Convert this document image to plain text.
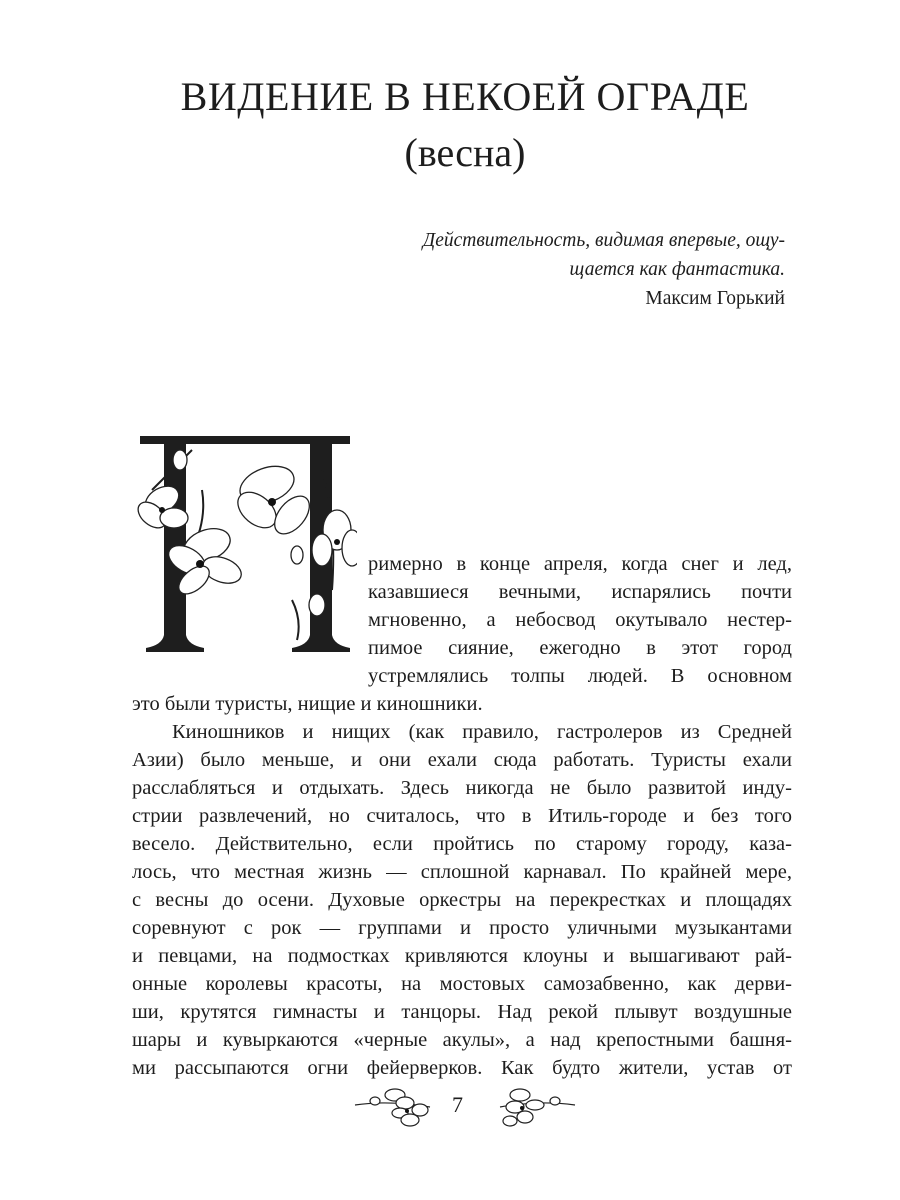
ВИДЕНИЕ В НЕКОЕЙ ОГРАДЕ
(весна)
Действительность, видимая впервые, ощу-
щается как фантастика.
Максим Горький
римерно в конце апреля, когда снег и лед,
казавшиеся вечными, испарялись почти
мгновенно, а небосвод окутывало нестер-
пимое сияние, ежегодно в этот город
устремлялись толпы людей. В основном
это были туристы, нищие и киношники.
Киношников и нищих (как правило, гастролеров из Средней
Азии) было меньше, и они ехали сюда работать. Туристы ехали
расслабляться и отдыхать. Здесь никогда не было развитой инду-
стрии развлечений, но считалось, что в Итиль-городе и без того
весело. Действительно, если пройтись по старому городу, каза-
лось, что местная жизнь — сплошной карнавал. По крайней мере,
с весны до осени. Духовые оркестры на перекрестках и площадях
соревнуют с рок — группами и просто уличными музыкантами
и певцами, на подмостках кривляются клоуны и вышагивают рай-
онные королевы красоты, на мостовых самозабвенно, как дерви-
ши, крутятся гимнасты и танцоры. Над рекой плывут воздушные
шары и кувыркаются «черные акулы», а над крепостными башня-
ми рассыпаются огни фейерверков. Как будто жители, устав от
7
